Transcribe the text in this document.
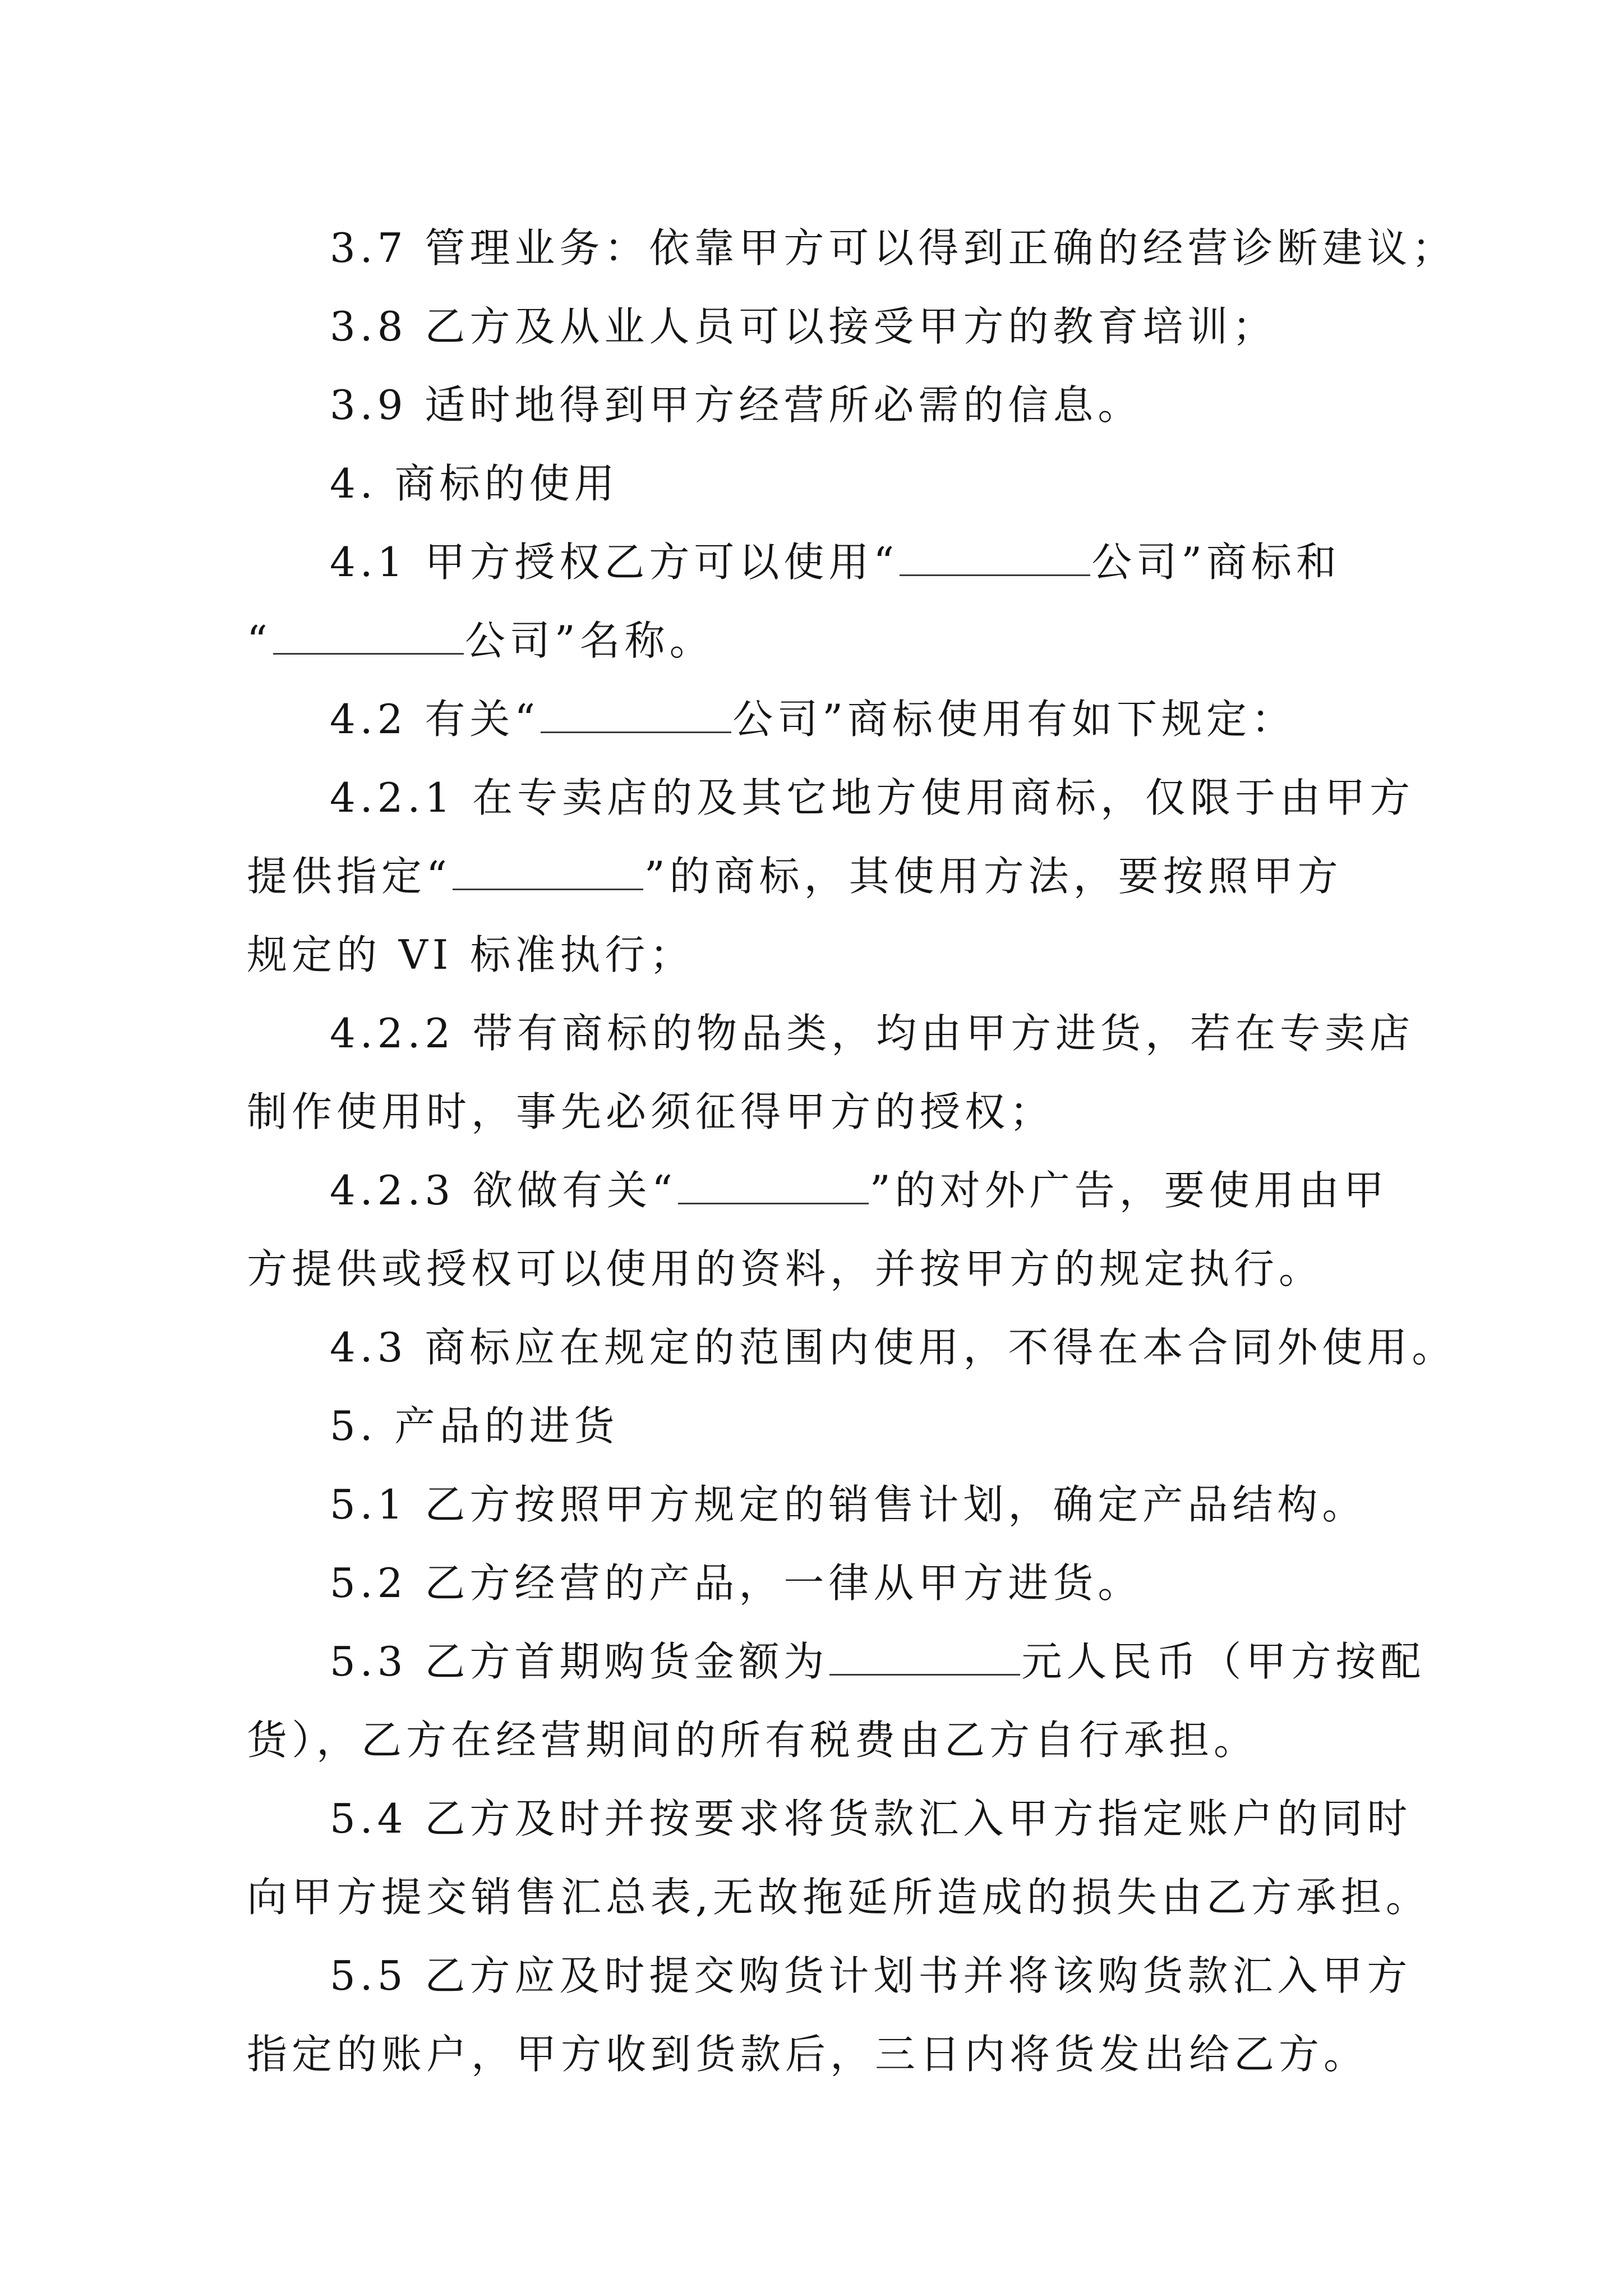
3.7 管理业务：依靠甲方可以得到正确的经营诊断建议；
3.8 乙方及从业人员可以接受甲方的教育培训；
3.9 适时地得到甲方经营所必需的信息。
4. 商标的使用
4.1 甲方授权乙方可以使用“	公司”商标和
“	公司”名称。
4.2 有关“	公司”商标使用有如下规定：
4.2.1 在专卖店的及其它地方使用商标，仅限于由甲方
提供指定“	”的商标，其使用方法，要按照甲方
规定的 VI 标准执行；
4.2.2 带有商标的物品类，均由甲方进货，若在专卖店
制作使用时，事先必须征得甲方的授权；
4.2.3 欲做有关“	”的对外广告，要使用由甲
方提供或授权可以使用的资料，并按甲方的规定执行。
4.3 商标应在规定的范围内使用，不得在本合同外使用。
5. 产品的进货
5.1 乙方按照甲方规定的销售计划，确定产品结构。
5.2 乙方经营的产品，一律从甲方进货。
5.3 乙方首期购货金额为	元人民币（甲方按配
货），乙方在经营期间的所有税费由乙方自行承担。
5.4 乙方及时并按要求将货款汇入甲方指定账户的同时
向甲方提交销售汇总表,无故拖延所造成的损失由乙方承担。
5.5 乙方应及时提交购货计划书并将该购货款汇入甲方
指定的账户，甲方收到货款后，三日内将货发出给乙方。
